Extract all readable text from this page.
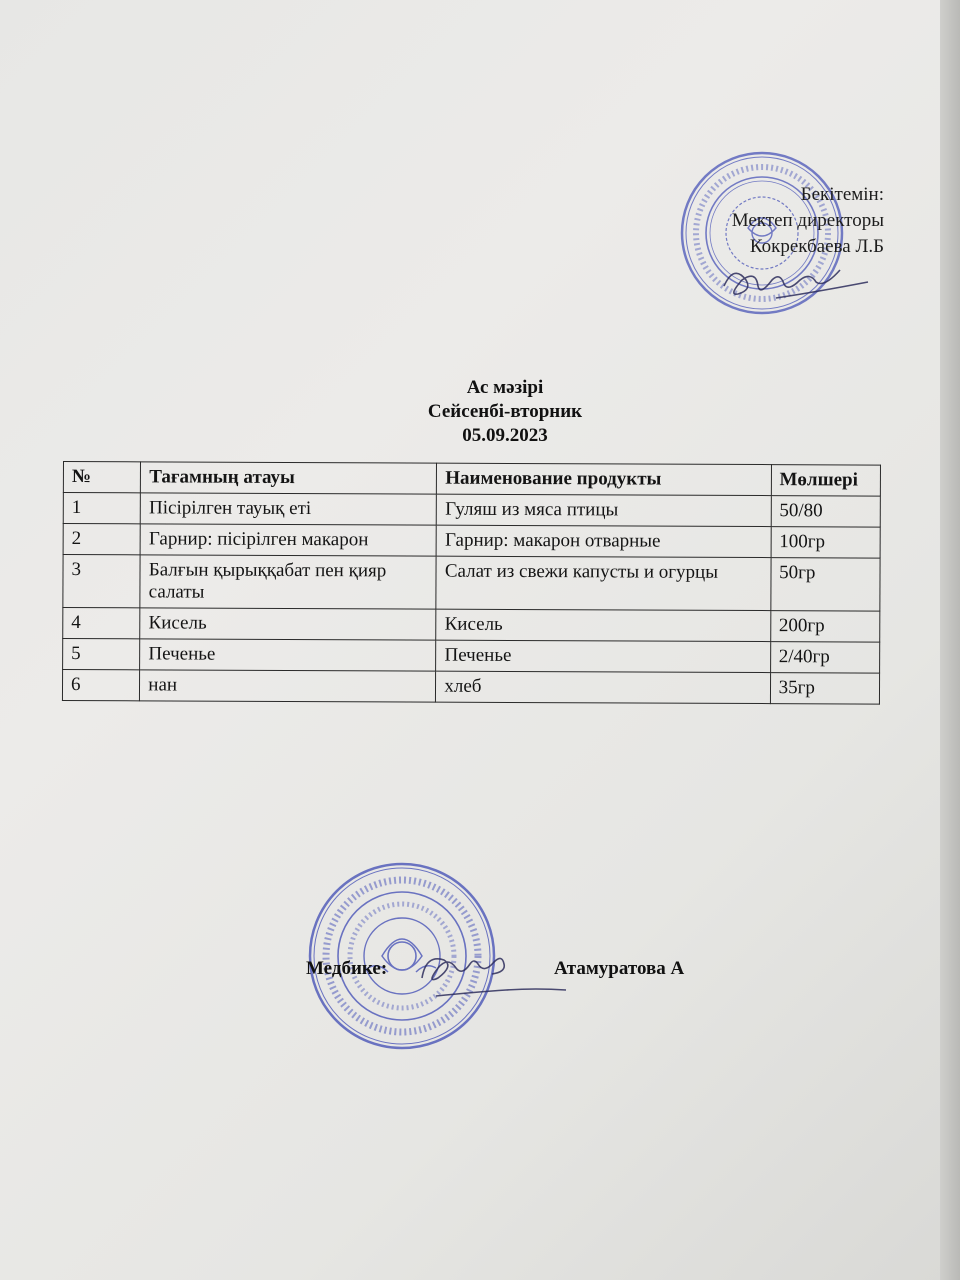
Бекітемін:
Мектеп директоры
Кокрекбаева Л.Б
Ас мәзірі
Сейсенбі-вторник
05.09.2023
№	Тағамның атауы	Наименование продукты	Мөлшері
1	Пісірілген тауық еті	Гуляш из мяса птицы	50/80
2	Гарнир: пісірілген макарон	Гарнир: макарон отварные	100гр
3	Балғын қырыққабат пен қияр салаты	Салат из свежи капусты и огурцы	50гр
4	Кисель	Кисель	200гр
5	Печенье	Печенье	2/40гр
6	нан	хлеб	35гр
Медбике:	Атамуратова А
